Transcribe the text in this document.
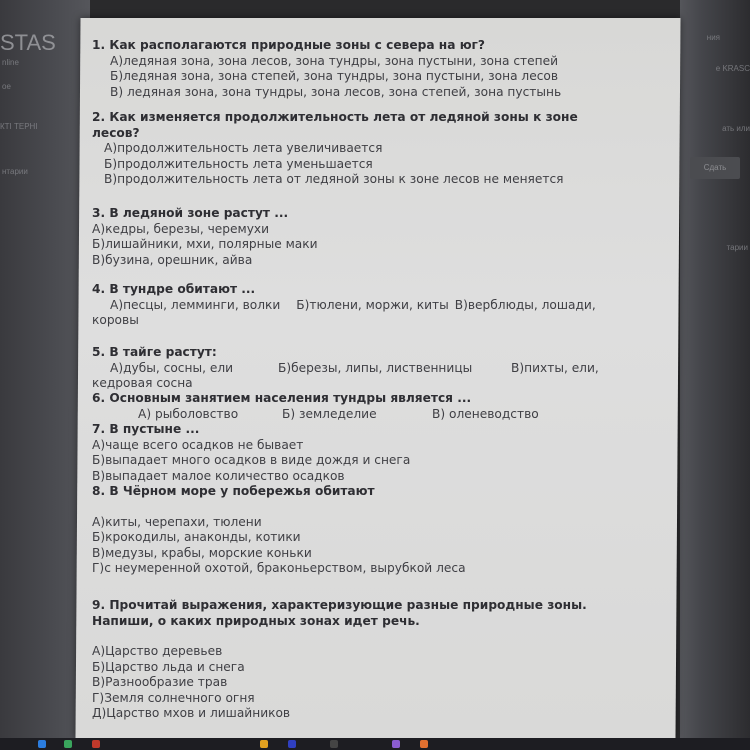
STAS
nline
oe
КТІ ТЕРНІ
нтарии
ния
e KRASC
ать или
Сдать
тарии
1. Как располагаются природные зоны с севера на юг?
А)ледяная зона, зона лесов, зона тундры, зона пустыни, зона степей
Б)ледяная зона, зона степей, зона тундры, зона пустыни, зона лесов
В) ледяная зона, зона тундры, зона лесов, зона степей, зона пустынь
2. Как изменяется продолжительность лета от ледяной зоны к зоне лесов?
А)продолжительность лета увеличивается
Б)продолжительность лета уменьшается
В)продолжительность лета от ледяной зоны к зоне лесов не меняется
3. В ледяной зоне растут ...
А)кедры, березы, черемухи
Б)лишайники, мхи, полярные маки
В)бузина, орешник, айва
4. В тундре обитают ...
А)песцы, лемминги, волки Б)тюлени, моржи, киты В)верблюды, лошади,
коровы
5. В тайге растут:
А)дубы, сосны, ели	Б)березы, липы, лиственницы	В)пихты, ели,
кедровая сосна
6. Основным занятием населения тундры является ...
А) рыболовство	Б) земледелие	В) оленеводство
7. В пустыне ...
А)чаще всего осадков не бывает
Б)выпадает много осадков в виде дождя и снега
В)выпадает малое количество осадков
8. В Чёрном море у побережья обитают
А)киты, черепахи, тюлени
Б)крокодилы, анаконды, котики
В)медузы, крабы, морские коньки
Г)с неумеренной охотой, браконьерством, вырубкой леса
9. Прочитай выражения, характеризующие разные природные зоны. Напиши, о каких природных зонах идет речь.
А)Царство деревьев
Б)Царство льда и снега
В)Разнообразие трав
Г)Земля солнечного огня
Д)Царство мхов и лишайников
